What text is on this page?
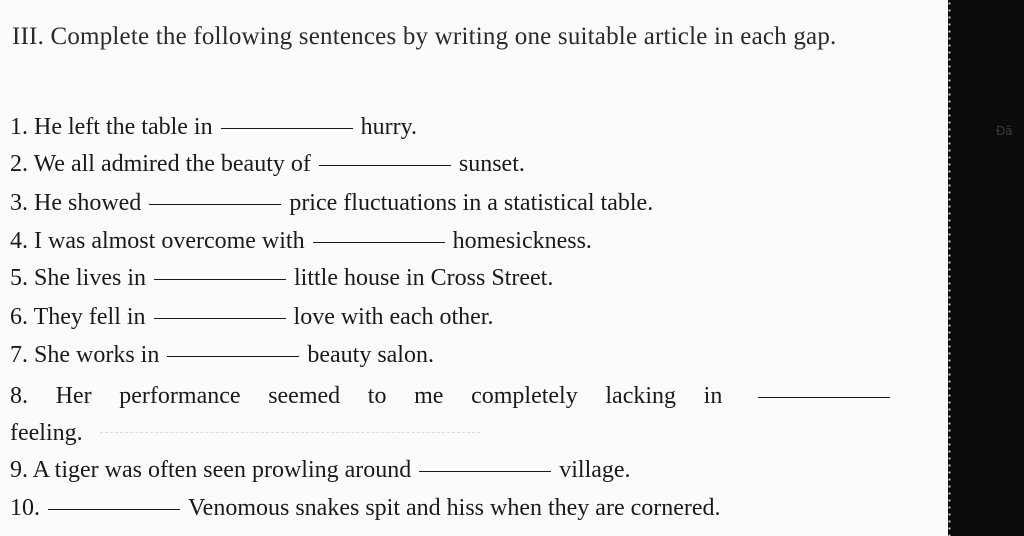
III. Complete the following sentences by writing one suitable article in each gap.
1. He left the table in	hurry.
2. We all admired the beauty of	sunset.
3. He showed	price fluctuations in a statistical table.
4. I was almost overcome with	homesickness.
5. She lives in	little house in Cross Street.
6. They fell in	love with each other.
7. She works in	beauty salon.
8. Her performance seemed to me completely lacking in
feeling.
9. A tiger was often seen prowling around	village.
10.	Venomous snakes spit and hiss when they are cornered.
Đã
